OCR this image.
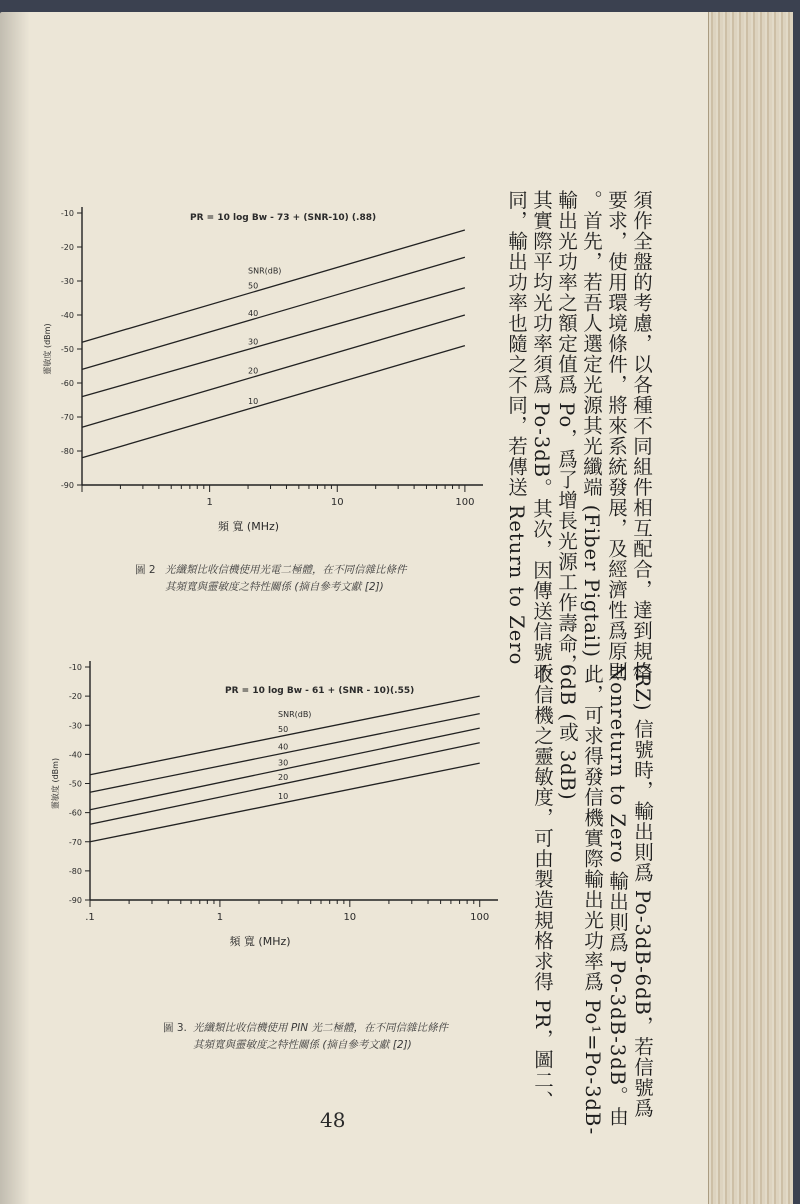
-10
-20
-30
-40
-50
-60
-70
-80
-90
1	10	100
PR = 10 log Bw - 73 + (SNR-10) (.88)
頻 寬 (MHz)
靈敏度 (dBm)
SNR(dB)
50
40
30
20
10
圖 2 光纖類比收信機使用光電二極體，在不同信雜比條件
其頻寬與靈敏度之特性關係 (摘自參考文獻 [2])
-10
-20
-30
-40
-50
-60
-70
-80
-90
.1	1	10	100
PR = 10 log Bw - 61 + (SNR - 10)(.55)
頻 寬 (MHz)
靈敏度 (dBm)
SNR(dB)
50
40
30
20
10
圖 3. 光纖類比收信機使用 PIN 光二極體，在不同信雜比條件
其頻寬與靈敏度之特性關係 (摘自參考文獻 [2])
須作全盤的考慮，以各種不同組件相互配合，達到規格
要求，使用環境條件，將來系統發展，及經濟性爲原則
。首先，若吾人選定光源其光纖端 (Fiber Pigtail)
輸出光功率之額定值爲 Po，爲了增長光源工作壽命，
其實際平均光功率須爲 Po-3dB。其次，因傳送信號不
同，輸出功率也隨之不同，若傳送 Return to Zero
(RZ) 信號時，輸出則爲 Po-3dB-6dB，若信號爲
Nonreturn to Zero 輸出則爲 Po-3dB-3dB。由
此，可求得發信機實際輸出光功率爲 Po¹=Po-3dB-
6dB (或 3dB)
收信機之靈敏度，可由製造規格求得 PR，圖二、
48
